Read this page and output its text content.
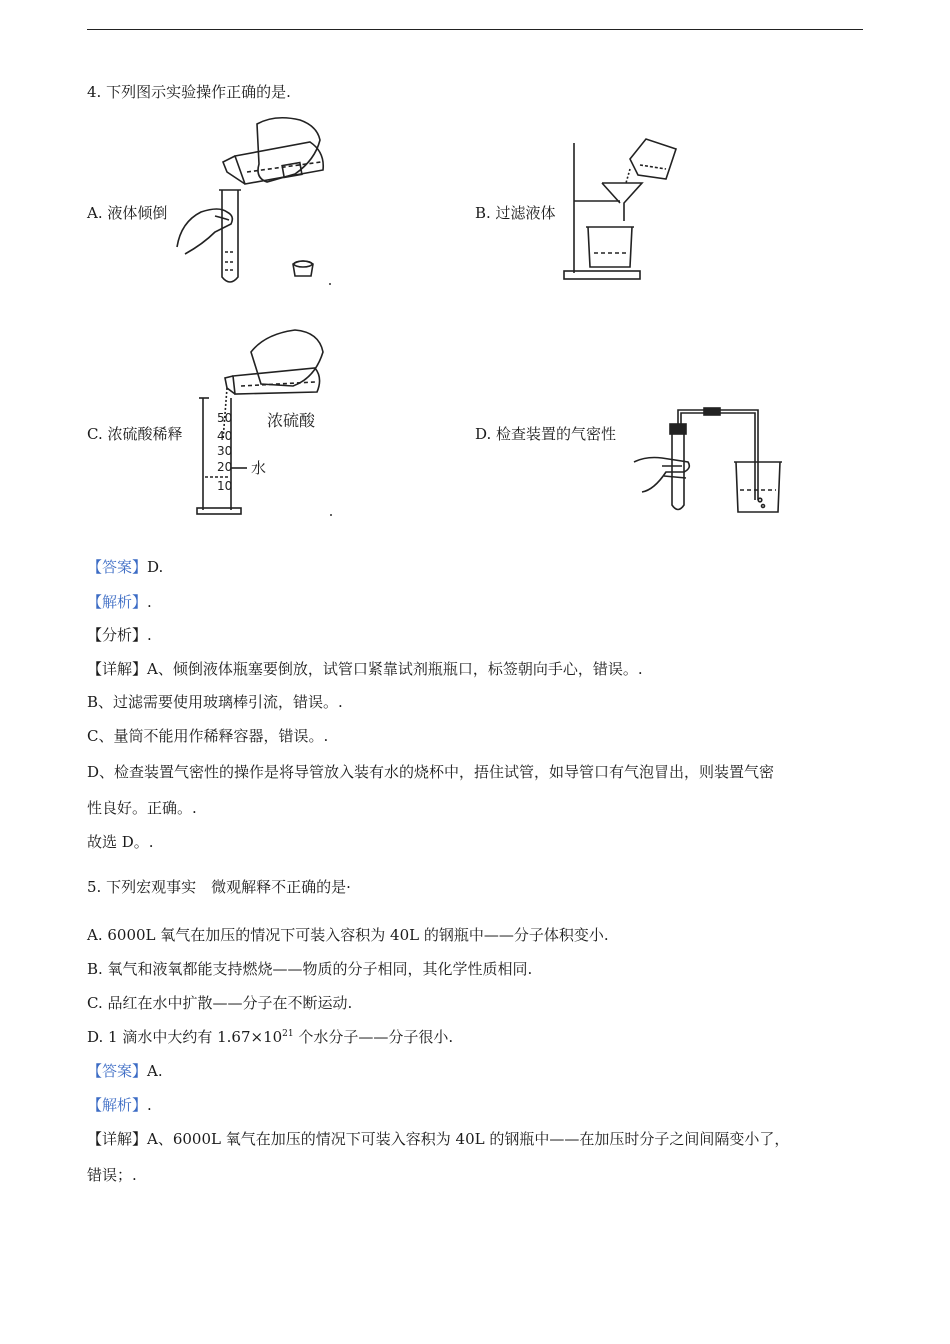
4. 下列图示实验操作正确的是.
A. 液体倾倒	B. 过滤液体
C. 浓硫酸稀释	D. 检查装置的气密性
50
40
30
20
10
浓硫酸
水
【答案】D.
【解析】.
【分析】.
【详解】A、倾倒液体瓶塞要倒放，试管口紧靠试剂瓶瓶口，标签朝向手心，错误。.
B、过滤需要使用玻璃棒引流，错误。.
C、量筒不能用作稀释容器，错误。.
D、检查装置气密性的操作是将导管放入装有水的烧杯中，捂住试管，如导管口有气泡冒出，则装置气密
性良好。正确。.
故选 D。.
5. 下列宏观事实　微观解释不正确的是·
A. 6000L 氧气在加压的情况下可装入容积为 40L 的钢瓶中——分子体积变小.
B. 氧气和液氧都能支持燃烧——物质的分子相同，其化学性质相同.
C. 品红在水中扩散——分子在不断运动.
D. 1 滴水中大约有 $1.67\times 10^{21}$ 个水分子——分子很小.
【答案】A.
【解析】.
【详解】A、6000L 氧气在加压的情况下可装入容积为 40L 的钢瓶中——在加压时分子之间间隔变小了，
错误；.
